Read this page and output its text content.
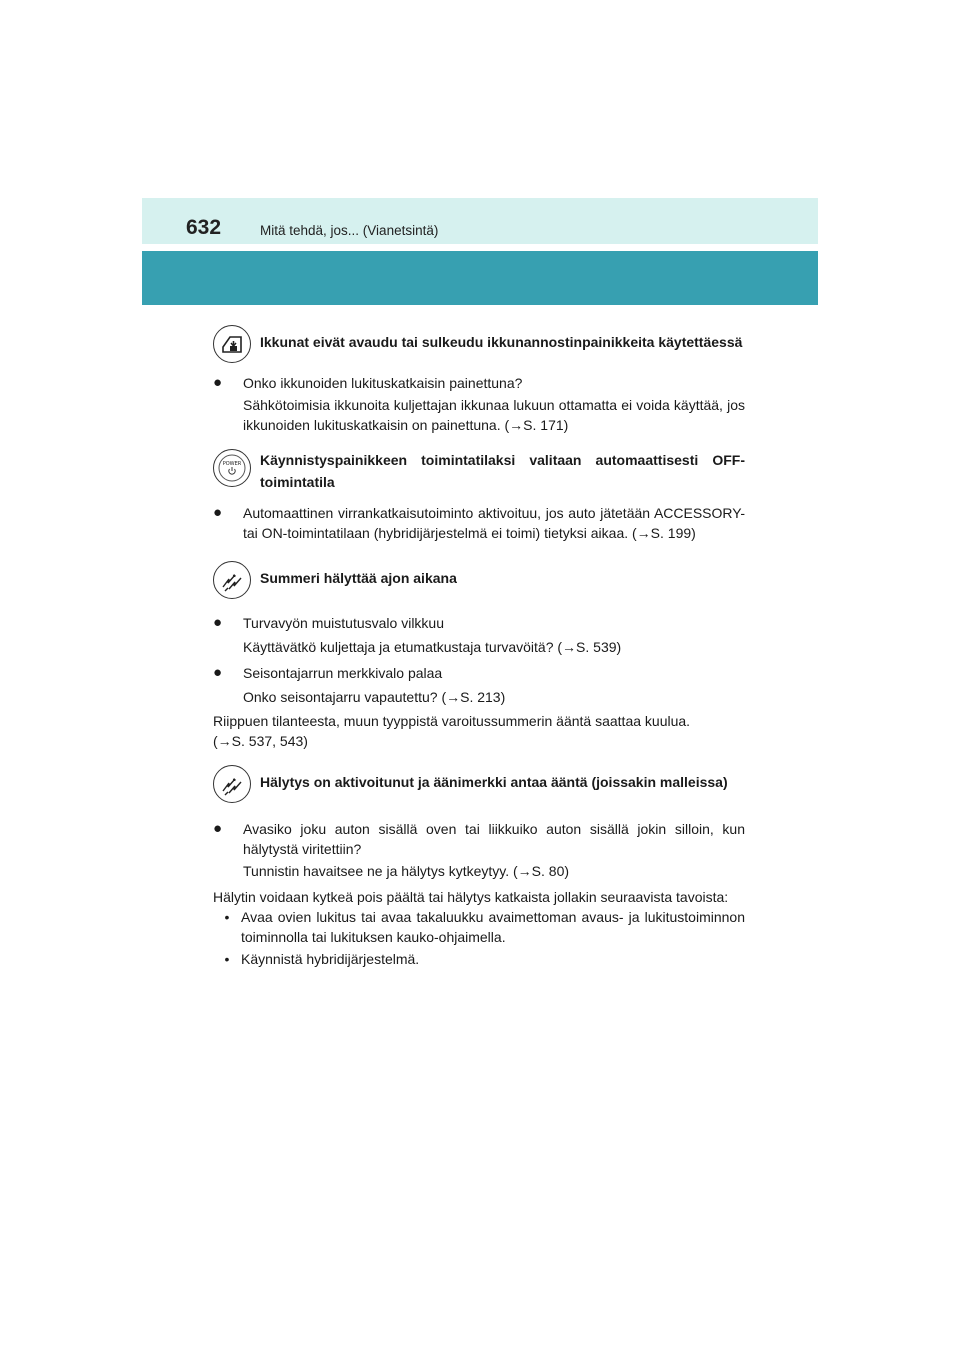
632	Mitä tehdä, jos... (Vianetsintä)
Ikkunat eivät avaudu tai sulkeudu ikkunannostinpainikkeita käytettäessä
●	Onko ikkunoiden lukituskatkaisin painettuna?
Sähkötoimisia ikkunoita kuljettajan ikkunaa lukuun ottamatta ei voida käyttää, jos ikkunoiden lukituskatkaisin on painettuna. (→S. 171)
POWER Käynnistyspainikkeen toimintatilaksi valitaan automaattisesti OFF-toimintatila
●	Automaattinen virrankatkaisutoiminto aktivoituu, jos auto jätetään ACCESSORY- tai ON-toimintatilaan (hybridijärjestelmä ei toimi) tietyksi aikaa. (→S. 199)
Summeri hälyttää ajon aikana
●	Turvavyön muistutusvalo vilkkuu
Käyttävätkö kuljettaja ja etumatkustaja turvavöitä? (→S. 539)
●	Seisontajarrun merkkivalo palaa
Onko seisontajarru vapautettu? (→S. 213)
Riippuen tilanteesta, muun tyyppistä varoitussummerin ääntä saattaa kuulua.
(→S. 537, 543)
Hälytys on aktivoitunut ja äänimerkki antaa ääntä (joissakin malleissa)
●	Avasiko joku auton sisällä oven tai liikkuiko auton sisällä jokin silloin, kun hälytystä viritettiin?
Tunnistin havaitsee ne ja hälytys kytkeytyy. (→S. 80)
Hälytin voidaan kytkeä pois päältä tai hälytys katkaista jollakin seuraavista tavoista:
• Avaa ovien lukitus tai avaa takaluukku avaimettoman avaus- ja lukitustoiminnon toiminnolla tai lukituksen kauko-ohjaimella.
• Käynnistä hybridijärjestelmä.
